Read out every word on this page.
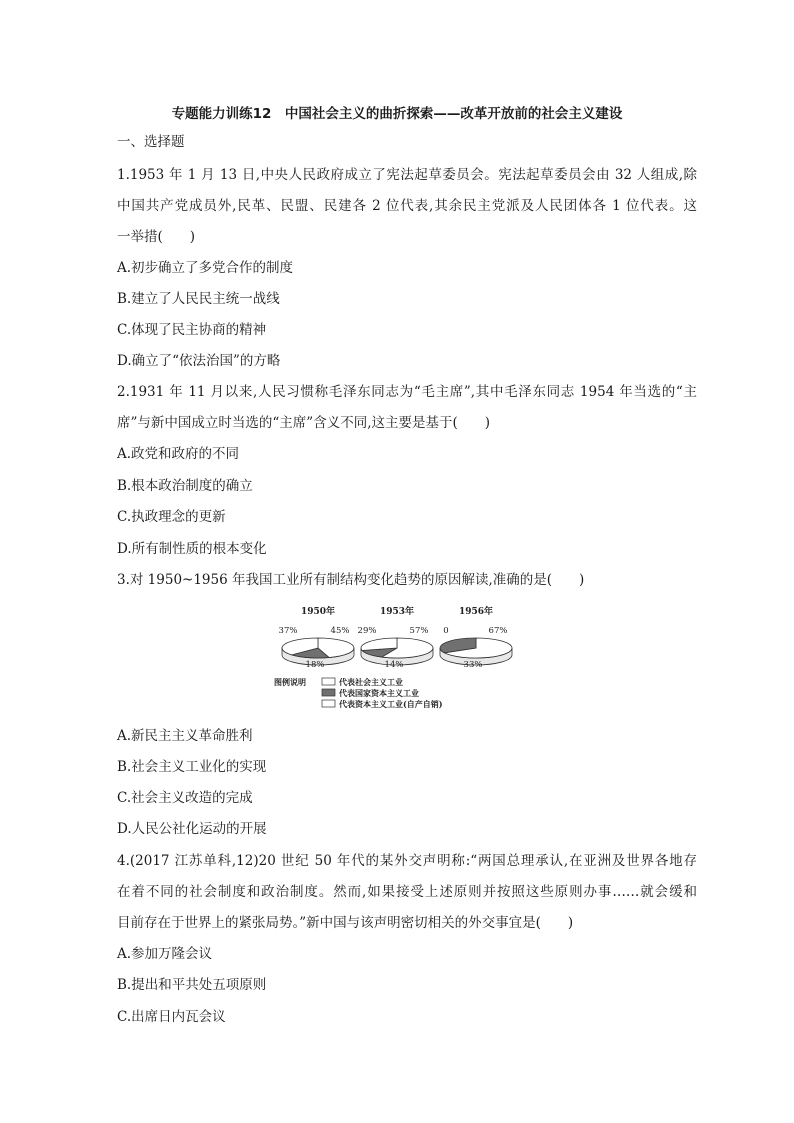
专题能力训练12　中国社会主义的曲折探索——改革开放前的社会主义建设
一、选择题
1.1953 年 1 月 13 日,中央人民政府成立了宪法起草委员会。宪法起草委员会由 32 人组成,除
中国共产党成员外,民革、民盟、民建各 2 位代表,其余民主党派及人民团体各 1 位代表。这
一举措(　　)
A.初步确立了多党合作的制度
B.建立了人民民主统一战线
C.体现了民主协商的精神
D.确立了“依法治国”的方略
2.1931 年 11 月以来,人民习惯称毛泽东同志为“毛主席”,其中毛泽东同志 1954 年当选的“主
席”与新中国成立时当选的“主席”含义不同,这主要是基于(　　)
A.政党和政府的不同
B.根本政治制度的确立
C.执政理念的更新
D.所有制性质的根本变化
3.对 1950~1956 年我国工业所有制结构变化趋势的原因解读,准确的是(　　)
1950年
45%
18%
37%
1953年
57%
14%
29%
1956年
67%
33%
0
图例说明	代表社会主义工业
代表国家资本主义工业
代表资本主义工业(自产自销)
A.新民主主义革命胜利
B.社会主义工业化的实现
C.社会主义改造的完成
D.人民公社化运动的开展
4.(2017 江苏单科,12)20 世纪 50 年代的某外交声明称:“两国总理承认,在亚洲及世界各地存
在着不同的社会制度和政治制度。然而,如果接受上述原则并按照这些原则办事……就会缓和
目前存在于世界上的紧张局势。”新中国与该声明密切相关的外交事宜是(　　)
A.参加万隆会议
B.提出和平共处五项原则
C.出席日内瓦会议
